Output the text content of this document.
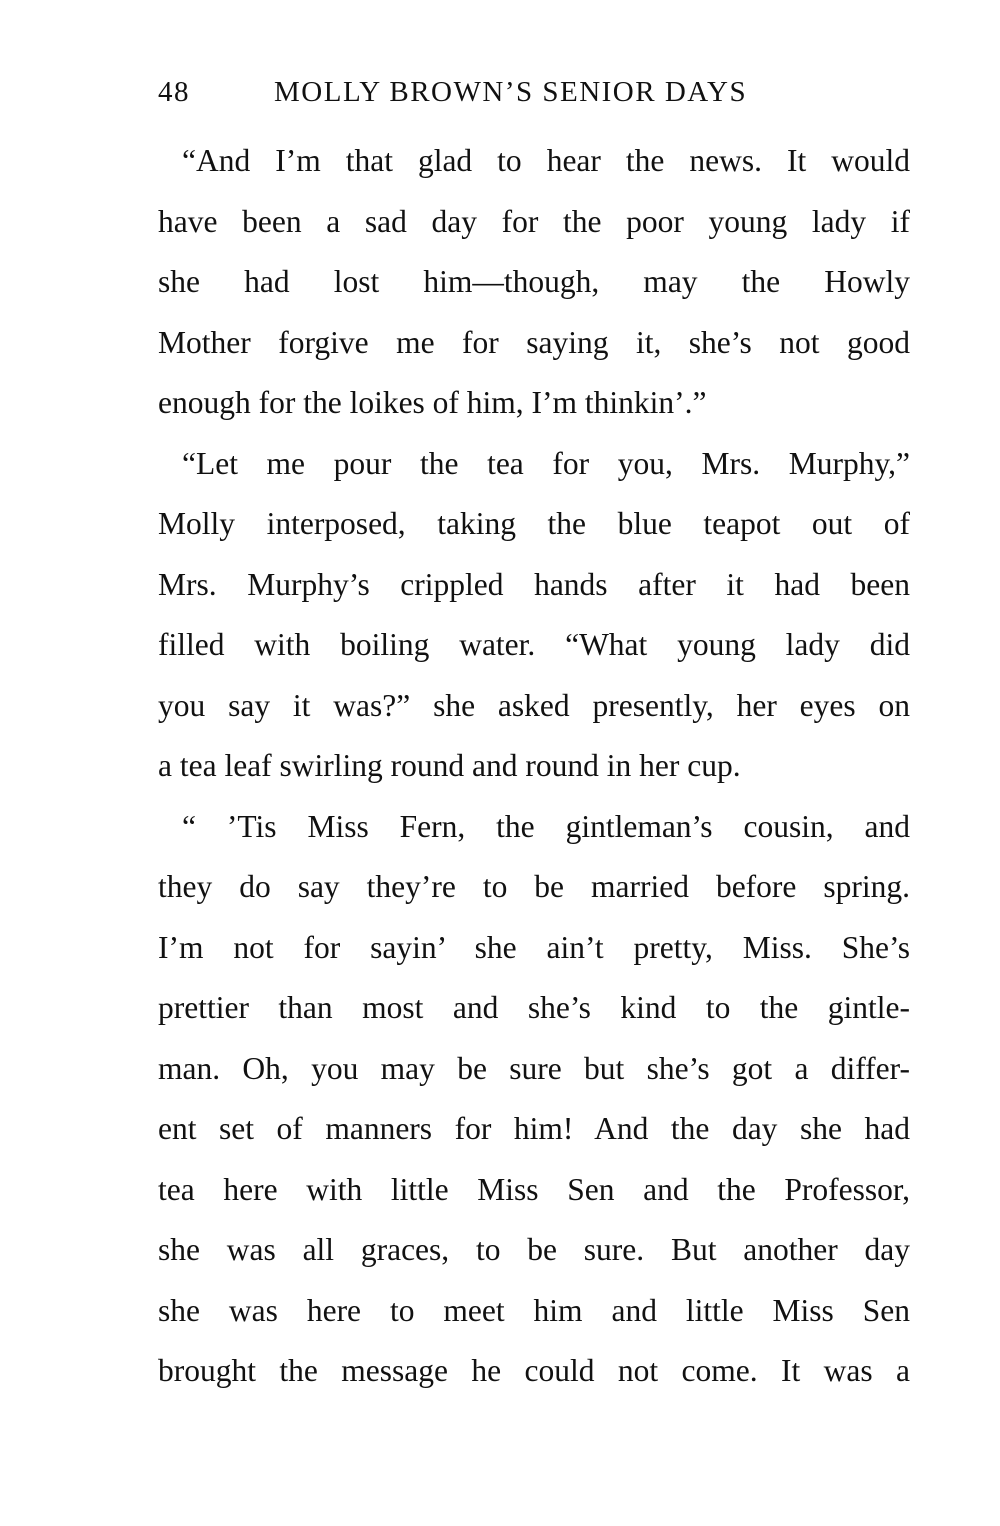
48	MOLLY BROWN’S SENIOR DAYS
“And I’m that glad to hear the news. It would
have been a sad day for the poor young lady if
she had lost him—though, may the Howly
Mother forgive me for saying it, she’s not good
enough for the loikes of him, I’m thinkin’.”
“Let me pour the tea for you, Mrs. Murphy,”
Molly interposed, taking the blue teapot out of
Mrs. Murphy’s crippled hands after it had been
filled with boiling water. “What young lady did
you say it was?” she asked presently, her eyes on
a tea leaf swirling round and round in her cup.
“ ’Tis Miss Fern, the gintleman’s cousin, and
they do say they’re to be married before spring.
I’m not for sayin’ she ain’t pretty, Miss. She’s
prettier than most and she’s kind to the gintle-
man. Oh, you may be sure but she’s got a differ-
ent set of manners for him! And the day she had
tea here with little Miss Sen and the Professor,
she was all graces, to be sure. But another day
she was here to meet him and little Miss Sen
brought the message he could not come. It was a
